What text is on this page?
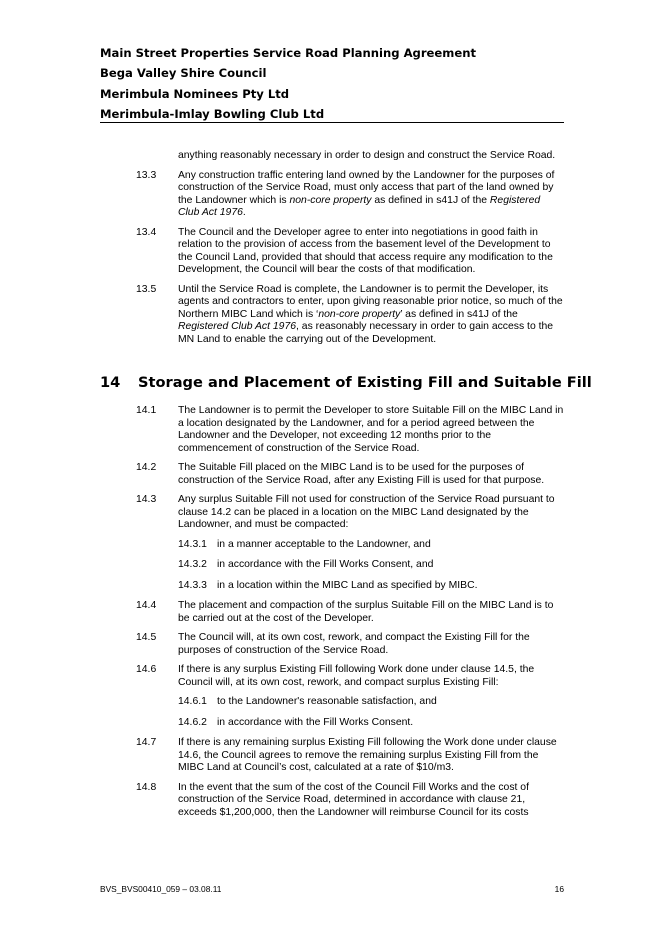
Main Street Properties Service Road Planning Agreement
Bega Valley Shire Council
Merimbula Nominees Pty Ltd
Merimbula-Imlay Bowling Club Ltd
anything reasonably necessary in order to design and construct the Service Road.
13.3 Any construction traffic entering land owned by the Landowner for the purposes of construction of the Service Road, must only access that part of the land owned by the Landowner which is non-core property as defined in s41J of the Registered Club Act 1976.
13.4 The Council and the Developer agree to enter into negotiations in good faith in relation to the provision of access from the basement level of the Development to the Council Land, provided that should that access require any modification to the Development, the Council will bear the costs of that modification.
13.5 Until the Service Road is complete, the Landowner is to permit the Developer, its agents and contractors to enter, upon giving reasonable prior notice, so much of the Northern MIBC Land which is ‘non-core property’ as defined in s41J of the Registered Club Act 1976, as reasonably necessary in order to gain access to the MN Land to enable the carrying out of the Development.
14 Storage and Placement of Existing Fill and Suitable Fill
14.1 The Landowner is to permit the Developer to store Suitable Fill on the MIBC Land in a location designated by the Landowner, and for a period agreed between the Landowner and the Developer, not exceeding 12 months prior to the commencement of construction of the Service Road.
14.2 The Suitable Fill placed on the MIBC Land is to be used for the purposes of construction of the Service Road, after any Existing Fill is used for that purpose.
14.3 Any surplus Suitable Fill not used for construction of the Service Road pursuant to clause 14.2 can be placed in a location on the MIBC Land designated by the Landowner, and must be compacted:
14.3.1 in a manner acceptable to the Landowner, and
14.3.2 in accordance with the Fill Works Consent, and
14.3.3 in a location within the MIBC Land as specified by MIBC.
14.4 The placement and compaction of the surplus Suitable Fill on the MIBC Land is to be carried out at the cost of the Developer.
14.5 The Council will, at its own cost, rework, and compact the Existing Fill for the purposes of construction of the Service Road.
14.6 If there is any surplus Existing Fill following Work done under clause 14.5, the Council will, at its own cost, rework, and compact surplus Existing Fill:
14.6.1 to the Landowner's reasonable satisfaction, and
14.6.2 in accordance with the Fill Works Consent.
14.7 If there is any remaining surplus Existing Fill following the Work done under clause 14.6, the Council agrees to remove the remaining surplus Existing Fill from the MIBC Land at Council’s cost, calculated at a rate of $10/m3.
14.8 In the event that the sum of the cost of the Council Fill Works and the cost of construction of the Service Road, determined in accordance with clause 21, exceeds $1,200,000, then the Landowner will reimburse Council for its costs
BVS_BVS00410_059 – 03.08.11	16
